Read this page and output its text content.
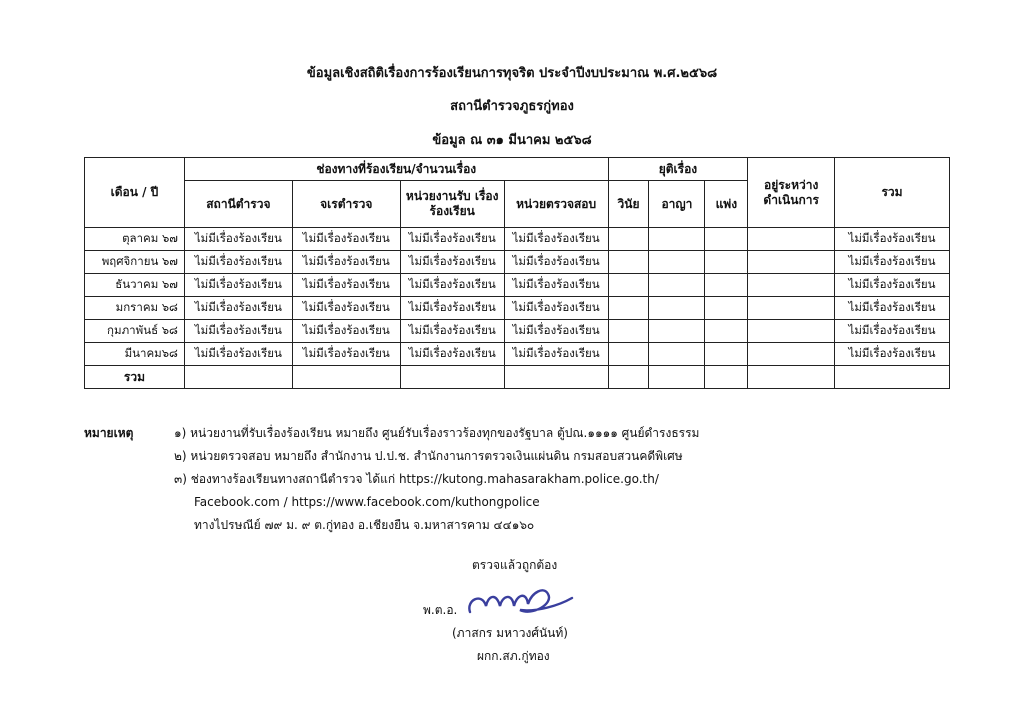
ข้อมูลเชิงสถิติเรื่องการร้องเรียนการทุจริต ประจำปีงบประมาณ พ.ศ.๒๕๖๘
สถานีตำรวจภูธรกู่ทอง
ข้อมูล ณ ๓๑ มีนาคม ๒๕๖๘
เดือน / ปี	ช่องทางที่ร้องเรียน/จำนวนเรื่อง				ยุติเรื่อง			อยู่ระหว่าง ดำเนินการ	รวม
	สถานีตำรวจ	จเรตำรวจ	หน่วยงานรับ เรื่องร้องเรียน	หน่วยตรวจสอบ	วินัย	อาญา	แพ่ง		
ตุลาคม ๖๗	ไม่มีเรื่องร้องเรียน	ไม่มีเรื่องร้องเรียน	ไม่มีเรื่องร้องเรียน	ไม่มีเรื่องร้องเรียน					ไม่มีเรื่องร้องเรียน
พฤศจิกายน ๖๗	ไม่มีเรื่องร้องเรียน	ไม่มีเรื่องร้องเรียน	ไม่มีเรื่องร้องเรียน	ไม่มีเรื่องร้องเรียน					ไม่มีเรื่องร้องเรียน
ธันวาคม ๖๗	ไม่มีเรื่องร้องเรียน	ไม่มีเรื่องร้องเรียน	ไม่มีเรื่องร้องเรียน	ไม่มีเรื่องร้องเรียน					ไม่มีเรื่องร้องเรียน
มกราคม ๖๘	ไม่มีเรื่องร้องเรียน	ไม่มีเรื่องร้องเรียน	ไม่มีเรื่องร้องเรียน	ไม่มีเรื่องร้องเรียน					ไม่มีเรื่องร้องเรียน
กุมภาพันธ์ ๖๘	ไม่มีเรื่องร้องเรียน	ไม่มีเรื่องร้องเรียน	ไม่มีเรื่องร้องเรียน	ไม่มีเรื่องร้องเรียน					ไม่มีเรื่องร้องเรียน
มีนาคม๖๘	ไม่มีเรื่องร้องเรียน	ไม่มีเรื่องร้องเรียน	ไม่มีเรื่องร้องเรียน	ไม่มีเรื่องร้องเรียน					ไม่มีเรื่องร้องเรียน
รวม									
หมายเหตุ	๑) หน่วยงานที่รับเรื่องร้องเรียน หมายถึง ศูนย์รับเรื่องราวร้องทุกของรัฐบาล ตู้ปณ.๑๑๑๑ ศูนย์ดำรงธรรม
๒) หน่วยตรวจสอบ หมายถึง สำนักงาน ป.ป.ช. สำนักงานการตรวจเงินแผ่นดิน กรมสอบสวนคดีพิเศษ
๓) ช่องทางร้องเรียนทางสถานีตำรวจ ได้แก่ https://kutong.mahasarakham.police.go.th/
Facebook.com / https://www.facebook.com/kuthongpolice
ทางไปรษณีย์ ๗๙ ม. ๙ ต.กู่ทอง อ.เชียงยืน จ.มหาสารคาม ๔๔๑๖๐
ตรวจแล้วถูกต้อง
พ.ต.อ.
(ภาสกร มหาวงศ์นันท์)
ผกก.สภ.กู่ทอง
